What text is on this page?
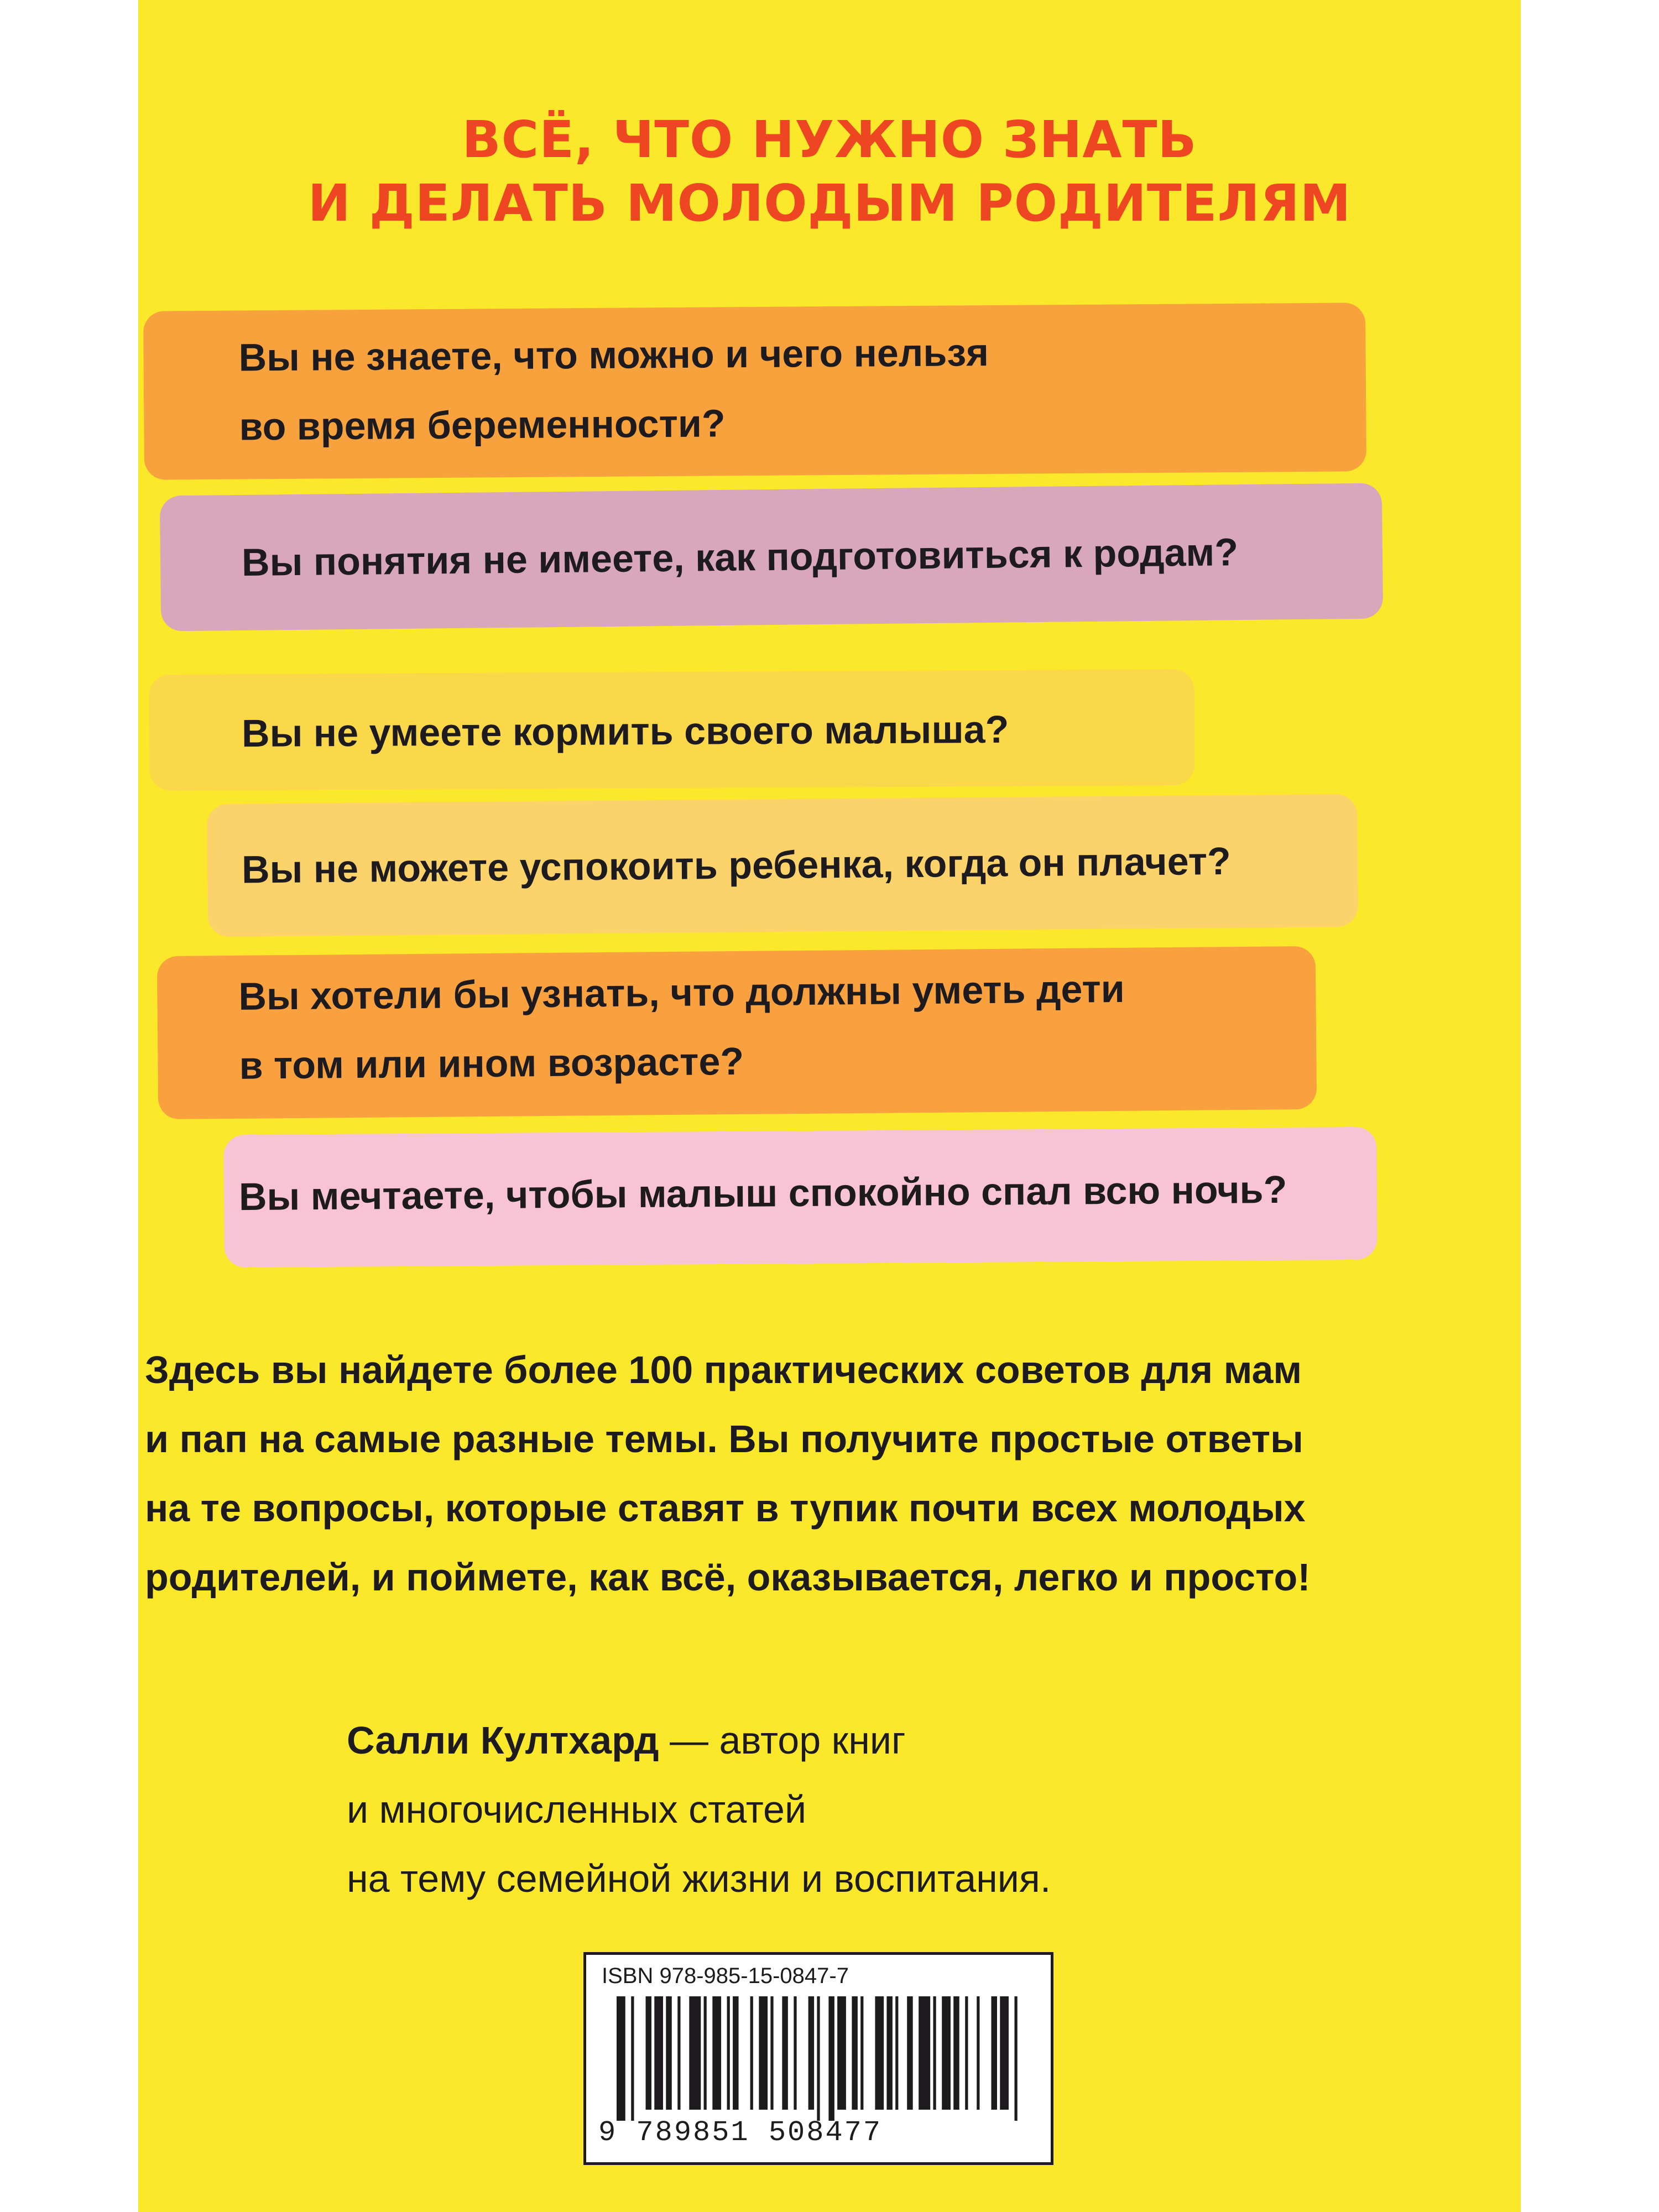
ВСЁ, ЧТО НУЖНО ЗНАТЬ
И ДЕЛАТЬ МОЛОДЫМ РОДИТЕЛЯМ
Вы не знаете, что можно и чего нельзя
во время беременности?
Вы понятия не имеете, как подготовиться к родам?
Вы не умеете кормить своего малыша?
Вы не можете успокоить ребенка, когда он плачет?
Вы хотели бы узнать, что должны уметь дети
в том или ином возрасте?
Вы мечтаете, чтобы малыш спокойно спал всю ночь?
Здесь вы найдете более 100 практических советов для мам
и пап на самые разные темы. Вы получите простые ответы
на те вопросы, которые ставят в тупик почти всех молодых
родителей, и поймете, как всё, оказывается, легко и просто!
Салли Култхард — автор книг
и многочисленных статей
на тему семейной жизни и воспитания.
ISBN 978-985-15-0847-7
9 789851 508477
